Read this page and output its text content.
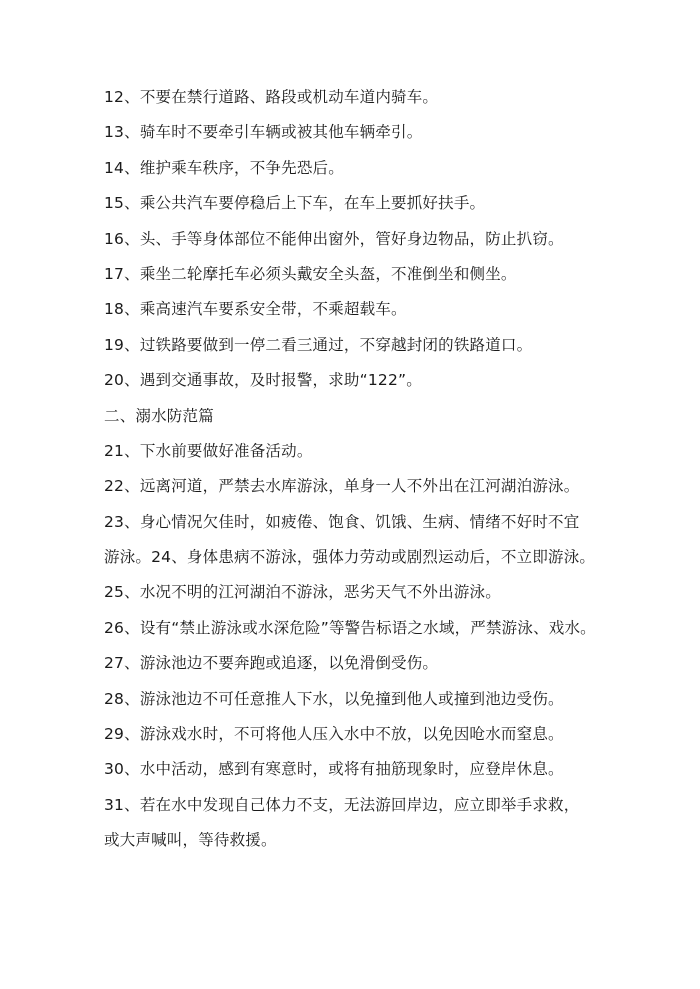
12、不要在禁行道路、路段或机动车道内骑车。
13、骑车时不要牵引车辆或被其他车辆牵引。
14、维护乘车秩序，不争先恐后。
15、乘公共汽车要停稳后上下车，在车上要抓好扶手。
16、头、手等身体部位不能伸出窗外，管好身边物品，防止扒窃。
17、乘坐二轮摩托车必须头戴安全头盔，不准倒坐和侧坐。
18、乘高速汽车要系安全带，不乘超载车。
19、过铁路要做到一停二看三通过，不穿越封闭的铁路道口。
20、遇到交通事故，及时报警，求助“122”。
二、溺水防范篇
21、下水前要做好准备活动。
22、远离河道，严禁去水库游泳，单身一人不外出在江河湖泊游泳。
23、身心情况欠佳时，如疲倦、饱食、饥饿、生病、情绪不好时不宜
游泳。24、身体患病不游泳，强体力劳动或剧烈运动后，不立即游泳。
25、水况不明的江河湖泊不游泳，恶劣天气不外出游泳。
26、设有“禁止游泳或水深危险”等警告标语之水域，严禁游泳、戏水。
27、游泳池边不要奔跑或追逐，以免滑倒受伤。
28、游泳池边不可任意推人下水，以免撞到他人或撞到池边受伤。
29、游泳戏水时，不可将他人压入水中不放，以免因呛水而窒息。
30、水中活动，感到有寒意时，或将有抽筋现象时，应登岸休息。
31、若在水中发现自己体力不支，无法游回岸边，应立即举手求救，
或大声喊叫，等待救援。
